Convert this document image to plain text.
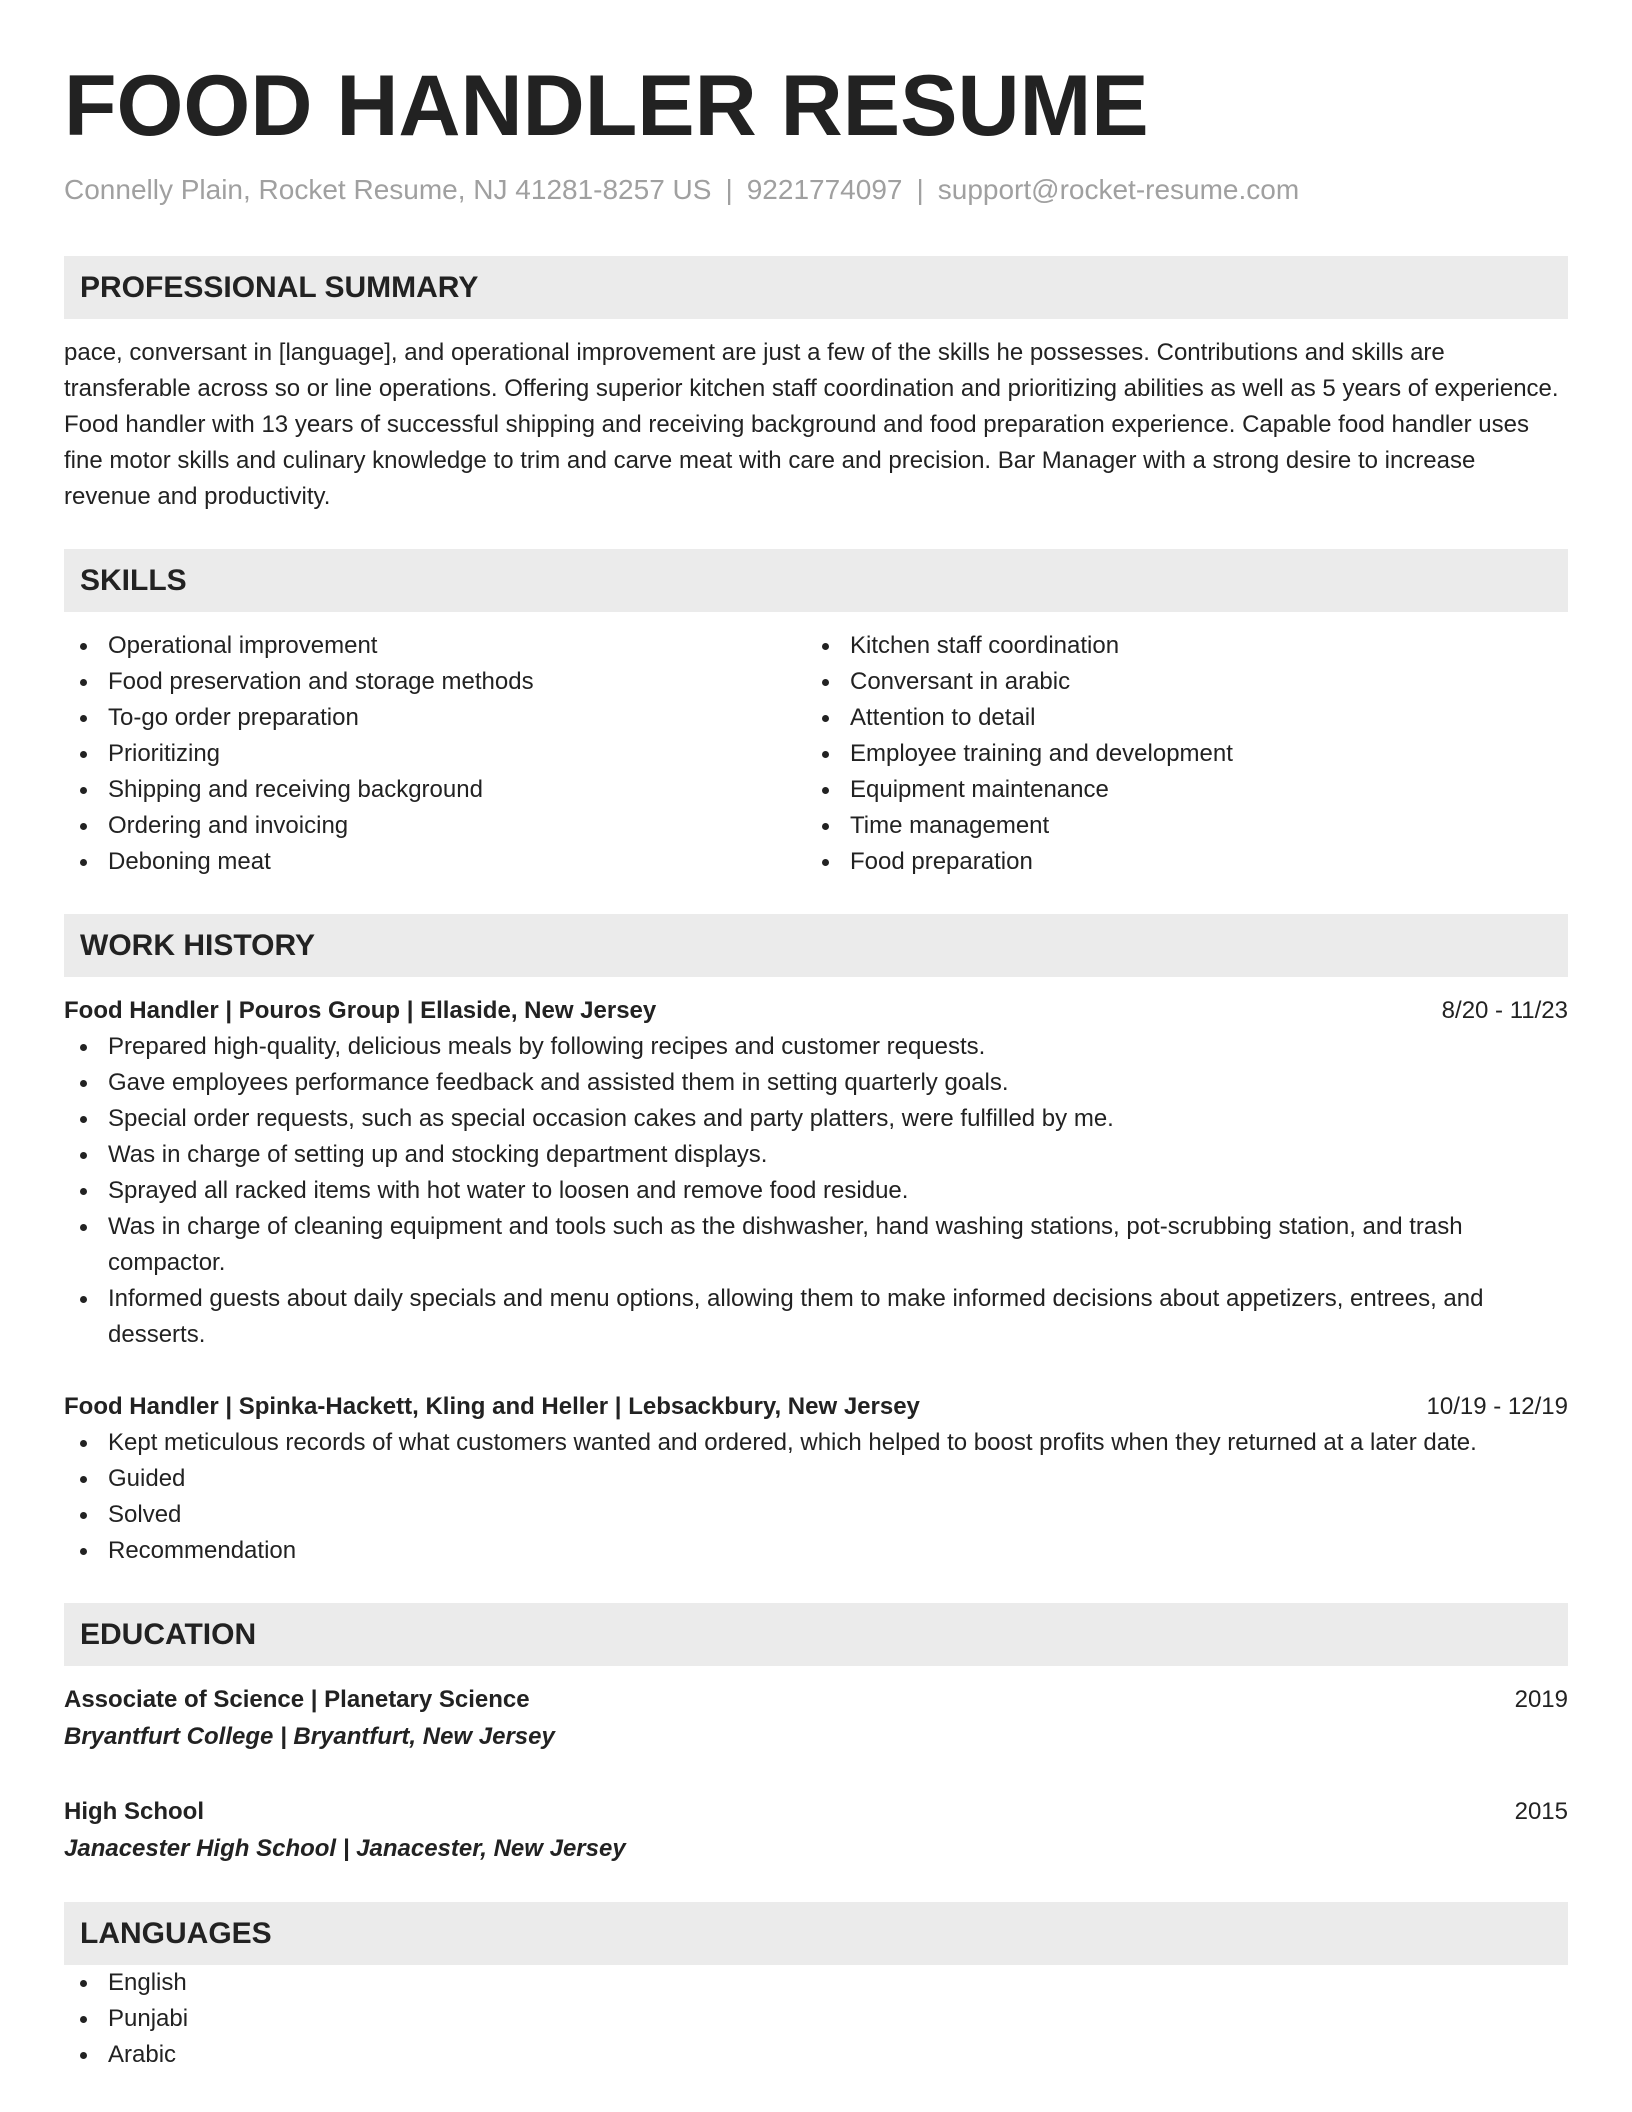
FOOD HANDLER RESUME
Connelly Plain, Rocket Resume, NJ 41281-8257 US | 9221774097 | support@rocket-resume.com
PROFESSIONAL SUMMARY
pace, conversant in [language], and operational improvement are just a few of the skills he possesses. Contributions and skills are transferable across so or line operations. Offering superior kitchen staff coordination and prioritizing abilities as well as 5 years of experience. Food handler with 13 years of successful shipping and receiving background and food preparation experience. Capable food handler uses fine motor skills and culinary knowledge to trim and carve meat with care and precision. Bar Manager with a strong desire to increase revenue and productivity.
SKILLS
Operational improvement
Food preservation and storage methods
To-go order preparation
Prioritizing
Shipping and receiving background
Ordering and invoicing
Deboning meat
Kitchen staff coordination
Conversant in arabic
Attention to detail
Employee training and development
Equipment maintenance
Time management
Food preparation
WORK HISTORY
Food Handler | Pouros Group | Ellaside, New Jersey	8/20 - 11/23
Prepared high-quality, delicious meals by following recipes and customer requests.
Gave employees performance feedback and assisted them in setting quarterly goals.
Special order requests, such as special occasion cakes and party platters, were fulfilled by me.
Was in charge of setting up and stocking department displays.
Sprayed all racked items with hot water to loosen and remove food residue.
Was in charge of cleaning equipment and tools such as the dishwasher, hand washing stations, pot-scrubbing station, and trash compactor.
Informed guests about daily specials and menu options, allowing them to make informed decisions about appetizers, entrees, and desserts.
Food Handler | Spinka-Hackett, Kling and Heller | Lebsackbury, New Jersey	10/19 - 12/19
Kept meticulous records of what customers wanted and ordered, which helped to boost profits when they returned at a later date.
Guided
Solved
Recommendation
EDUCATION
Associate of Science | Planetary Science	2019
Bryantfurt College | Bryantfurt, New Jersey
High School	2015
Janacester High School | Janacester, New Jersey
LANGUAGES
English
Punjabi
Arabic
